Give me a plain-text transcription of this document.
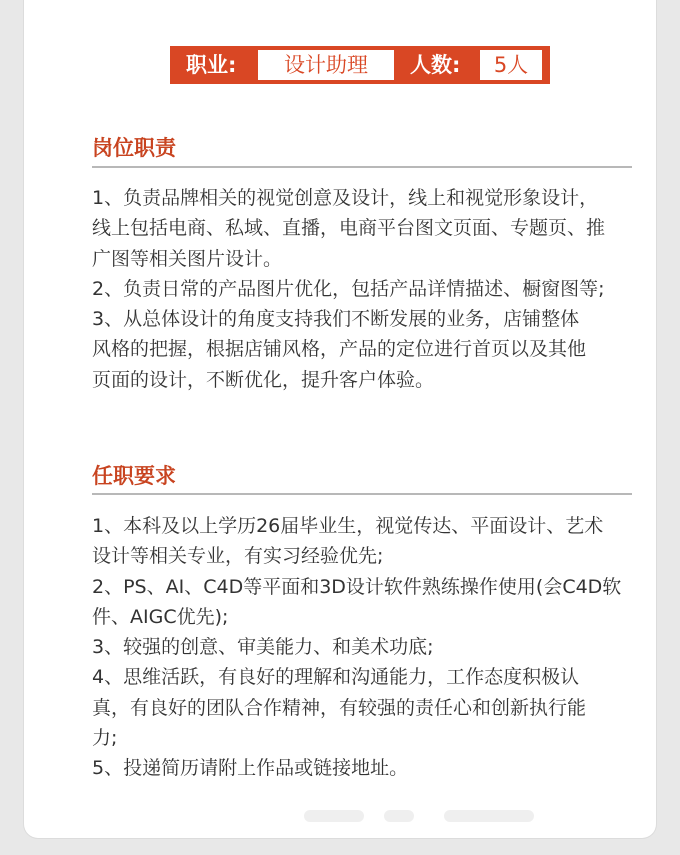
职业:	设计助理	人数:	5人
岗位职责
1、负责品牌相关的视觉创意及设计，线上和视觉形象设计，
线上包括电商、私域、直播，电商平台图文页面、专题页、推
广图等相关图片设计。
2、负责日常的产品图片优化，包括产品详情描述、橱窗图等;
3、从总体设计的角度支持我们不断发展的业务，店铺整体
风格的把握，根据店铺风格，产品的定位进行首页以及其他
页面的设计，不断优化，提升客户体验。
任职要求
1、本科及以上学历26届毕业生，视觉传达、平面设计、艺术
设计等相关专业，有实习经验优先;
2、PS、AI、C4D等平面和3D设计软件熟练操作使用(会C4D软
件、AIGC优先);
3、较强的创意、审美能力、和美术功底;
4、思维活跃，有良好的理解和沟通能力，工作态度积极认
真，有良好的团队合作精神，有较强的责任心和创新执行能
力;
5、投递简历请附上作品或链接地址。
